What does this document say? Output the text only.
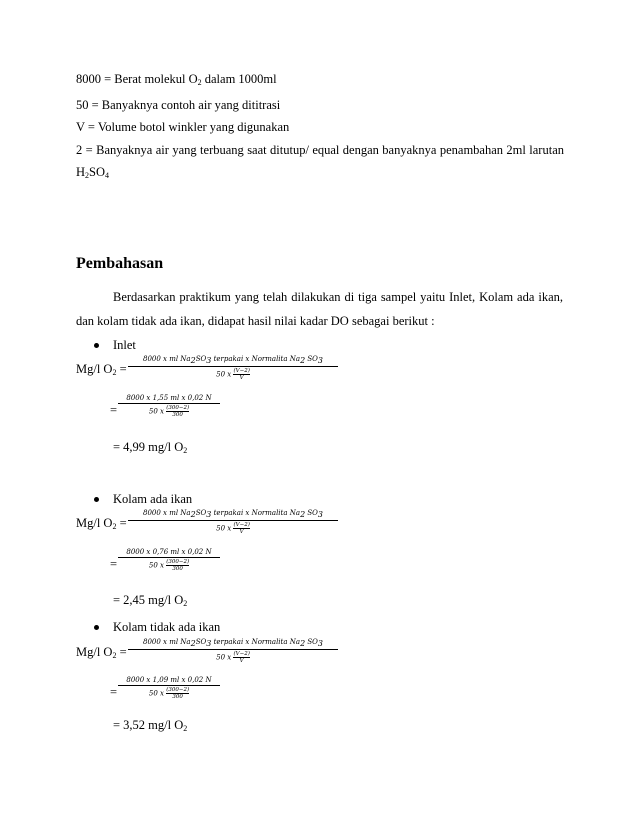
8000 = Berat molekul $O_2$ dalam 1000ml
50 = Banyaknya contoh air yang dititrasi
V = Volume botol winkler yang digunakan
2 = Banyaknya air yang terbuang saat ditutup/ equal dengan banyaknya penambahan 2ml larutan
$H_2SO_4$
Pembahasan
Berdasarkan praktikum yang telah dilakukan di tiga sampel yaitu Inlet, Kolam ada ikan,
dan kolam tidak ada ikan, didapat hasil nilai kadar DO sebagai berikut :
Inlet
Mg/l $O_2$ =
8000 𝑥 𝑚𝑙 𝑁𝑎$_2$𝑆𝑂$_3$ 𝑡𝑒𝑟𝑝𝑎𝑘𝑎𝑖 𝑥 𝑁𝑜𝑟𝑚𝑎𝑙𝑖𝑡𝑎 𝑁𝑎$_2$ 𝑆𝑂$_3$
50 𝑥 (𝑉−2)
𝑉
=
8000 𝑥 1,55 𝑚𝑙 𝑥 0,02 𝑁
50 𝑥 $\frac{(300-2)}{300}$
= 4,99 mg/l $O_2$
Kolam ada ikan
Mg/l $O_2$ =
8000 𝑥 𝑚𝑙 𝑁𝑎$_2$𝑆𝑂$_3$ 𝑡𝑒𝑟𝑝𝑎𝑘𝑎𝑖 𝑥 𝑁𝑜𝑟𝑚𝑎𝑙𝑖𝑡𝑎 𝑁𝑎$_2$ 𝑆𝑂$_3$
50 𝑥 (𝑉−2)
𝑉
=
8000 𝑥 0,76 𝑚𝑙 𝑥 0,02 𝑁
50 𝑥 $\frac{(300-2)}{300}$
= 2,45 mg/l $O_2$
Kolam tidak ada ikan
Mg/l $O_2$ =
8000 𝑥 𝑚𝑙 𝑁𝑎$_2$𝑆𝑂$_3$ 𝑡𝑒𝑟𝑝𝑎𝑘𝑎𝑖 𝑥 𝑁𝑜𝑟𝑚𝑎𝑙𝑖𝑡𝑎 𝑁𝑎$_2$ 𝑆𝑂$_3$
50 𝑥 (𝑉−2)
𝑉
=
8000 𝑥 1,09 𝑚𝑙 𝑥 0,02 𝑁
50 𝑥 $\frac{(300-2)}{300}$
= 3,52 mg/l $O_2$
